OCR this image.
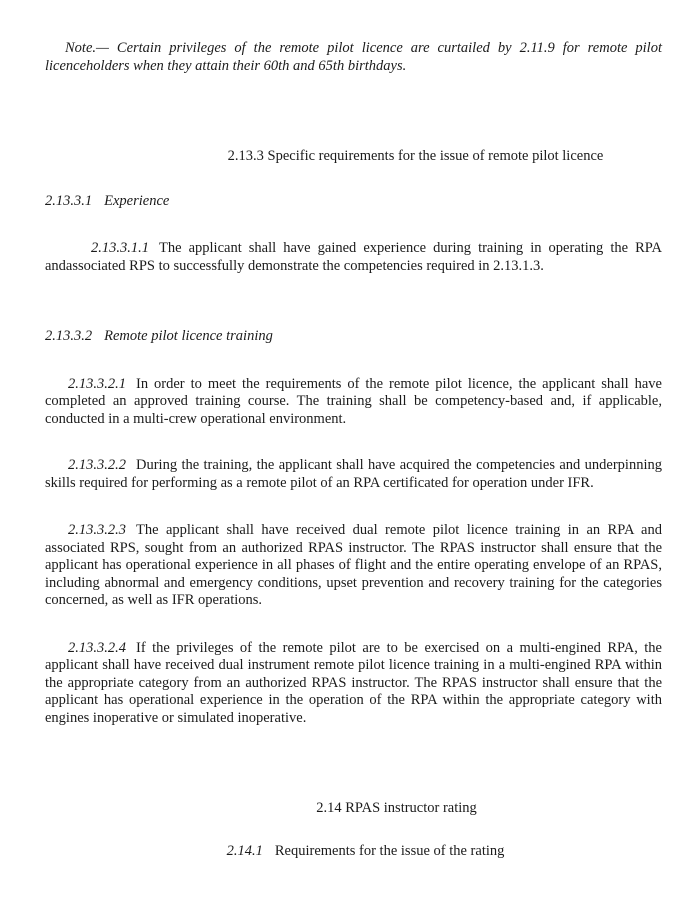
Note.— Certain privileges of the remote pilot licence are curtailed by 2.11.9 for remote pilot licenceholders when they attain their 60th and 65th birthdays.

2.13.3 Specific requirements for the issue of remote pilot licence

2.13.3.1 Experience

2.13.3.1.1 The applicant shall have gained experience during training in operating the RPA andassociated RPS to successfully demonstrate the competencies required in 2.13.1.3.

2.13.3.2 Remote pilot licence training

2.13.3.2.1 In order to meet the requirements of the remote pilot licence, the applicant shall have completed an approved training course. The training shall be competency-based and, if applicable, conducted in a multi-crew operational environment.

2.13.3.2.2 During the training, the applicant shall have acquired the competencies and underpinning skills required for performing as a remote pilot of an RPA certificated for operation under IFR.

2.13.3.2.3 The applicant shall have received dual remote pilot licence training in an RPA and associated RPS, sought from an authorized RPAS instructor. The RPAS instructor shall ensure that the applicant has operational experience in all phases of flight and the entire operating envelope of an RPAS, including abnormal and emergency conditions, upset prevention and recovery training for the categories concerned, as well as IFR operations.

2.13.3.2.4 If the privileges of the remote pilot are to be exercised on a multi-engined RPA, the applicant shall have received dual instrument remote pilot licence training in a multi-engined RPA within the appropriate category from an authorized RPAS instructor. The RPAS instructor shall ensure that the applicant has operational experience in the operation of the RPA within the appropriate category with engines inoperative or simulated inoperative.

2.14 RPAS instructor rating

2.14.1 Requirements for the issue of the rating
